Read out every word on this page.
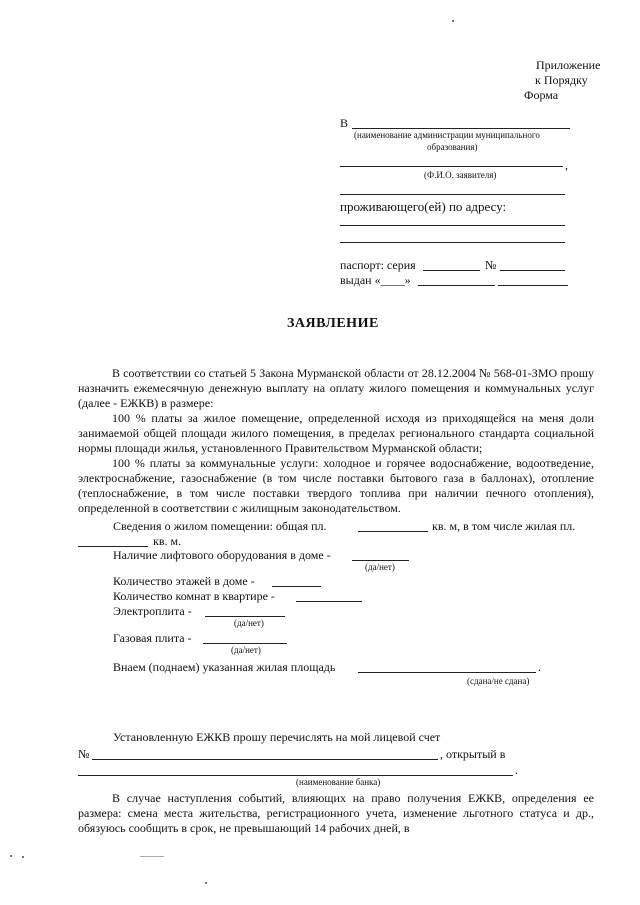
Приложение
к Порядку
Форма
В
(наименование администрации муниципального
образования)
,
(Ф.И.О. заявителя)
проживающего(ей) по адресу:
паспорт: серия	№
выдан «____»
ЗАЯВЛЕНИЕ

В соответствии со статьей 5 Закона Мурманской области от 28.12.2004 № 568-01-ЗМО прошу назначить ежемесячную денежную выплату на оплату жилого помещения и коммунальных услуг (далее - ЕЖКВ) в размере:

100 % платы за жилое помещение, определенной исходя из приходящейся на меня доли занимаемой общей площади жилого помещения, в пределах регионального стандарта социальной нормы площади жилья, установленного Правительством Мурманской области;

100 % платы за коммунальные услуги: холодное и горячее водоснабжение, водоотведение, электроснабжение, газоснабжение (в том числе поставки бытового газа в баллонах), отопление (теплоснабжение, в том числе поставки твердого топлива при наличии печного отопления), определенной в соответствии с жилищным законодательством.

Сведения о жилом помещении: общая пл.	кв. м, в том числе жилая пл.
кв. м.
Наличие лифтового оборудования в доме -
(да/нет)
Количество этажей в доме -
Количество комнат в квартире -
Электроплита -
(да/нет)
Газовая плита -
(да/нет)
Внаем (поднаем) указанная жилая площадь	.
(сдана/не сдана)
Установленную ЕЖКВ прошу перечислять на мой лицевой счет
№	, открытый в
.
(наименование банка)

В случае наступления событий, влияющих на право получения ЕЖКВ, определения ее размера: смена места жительства, регистрационного учета, изменение льготного статуса и др., обязуюсь сообщить в срок, не превышающий 14 рабочих дней, в
